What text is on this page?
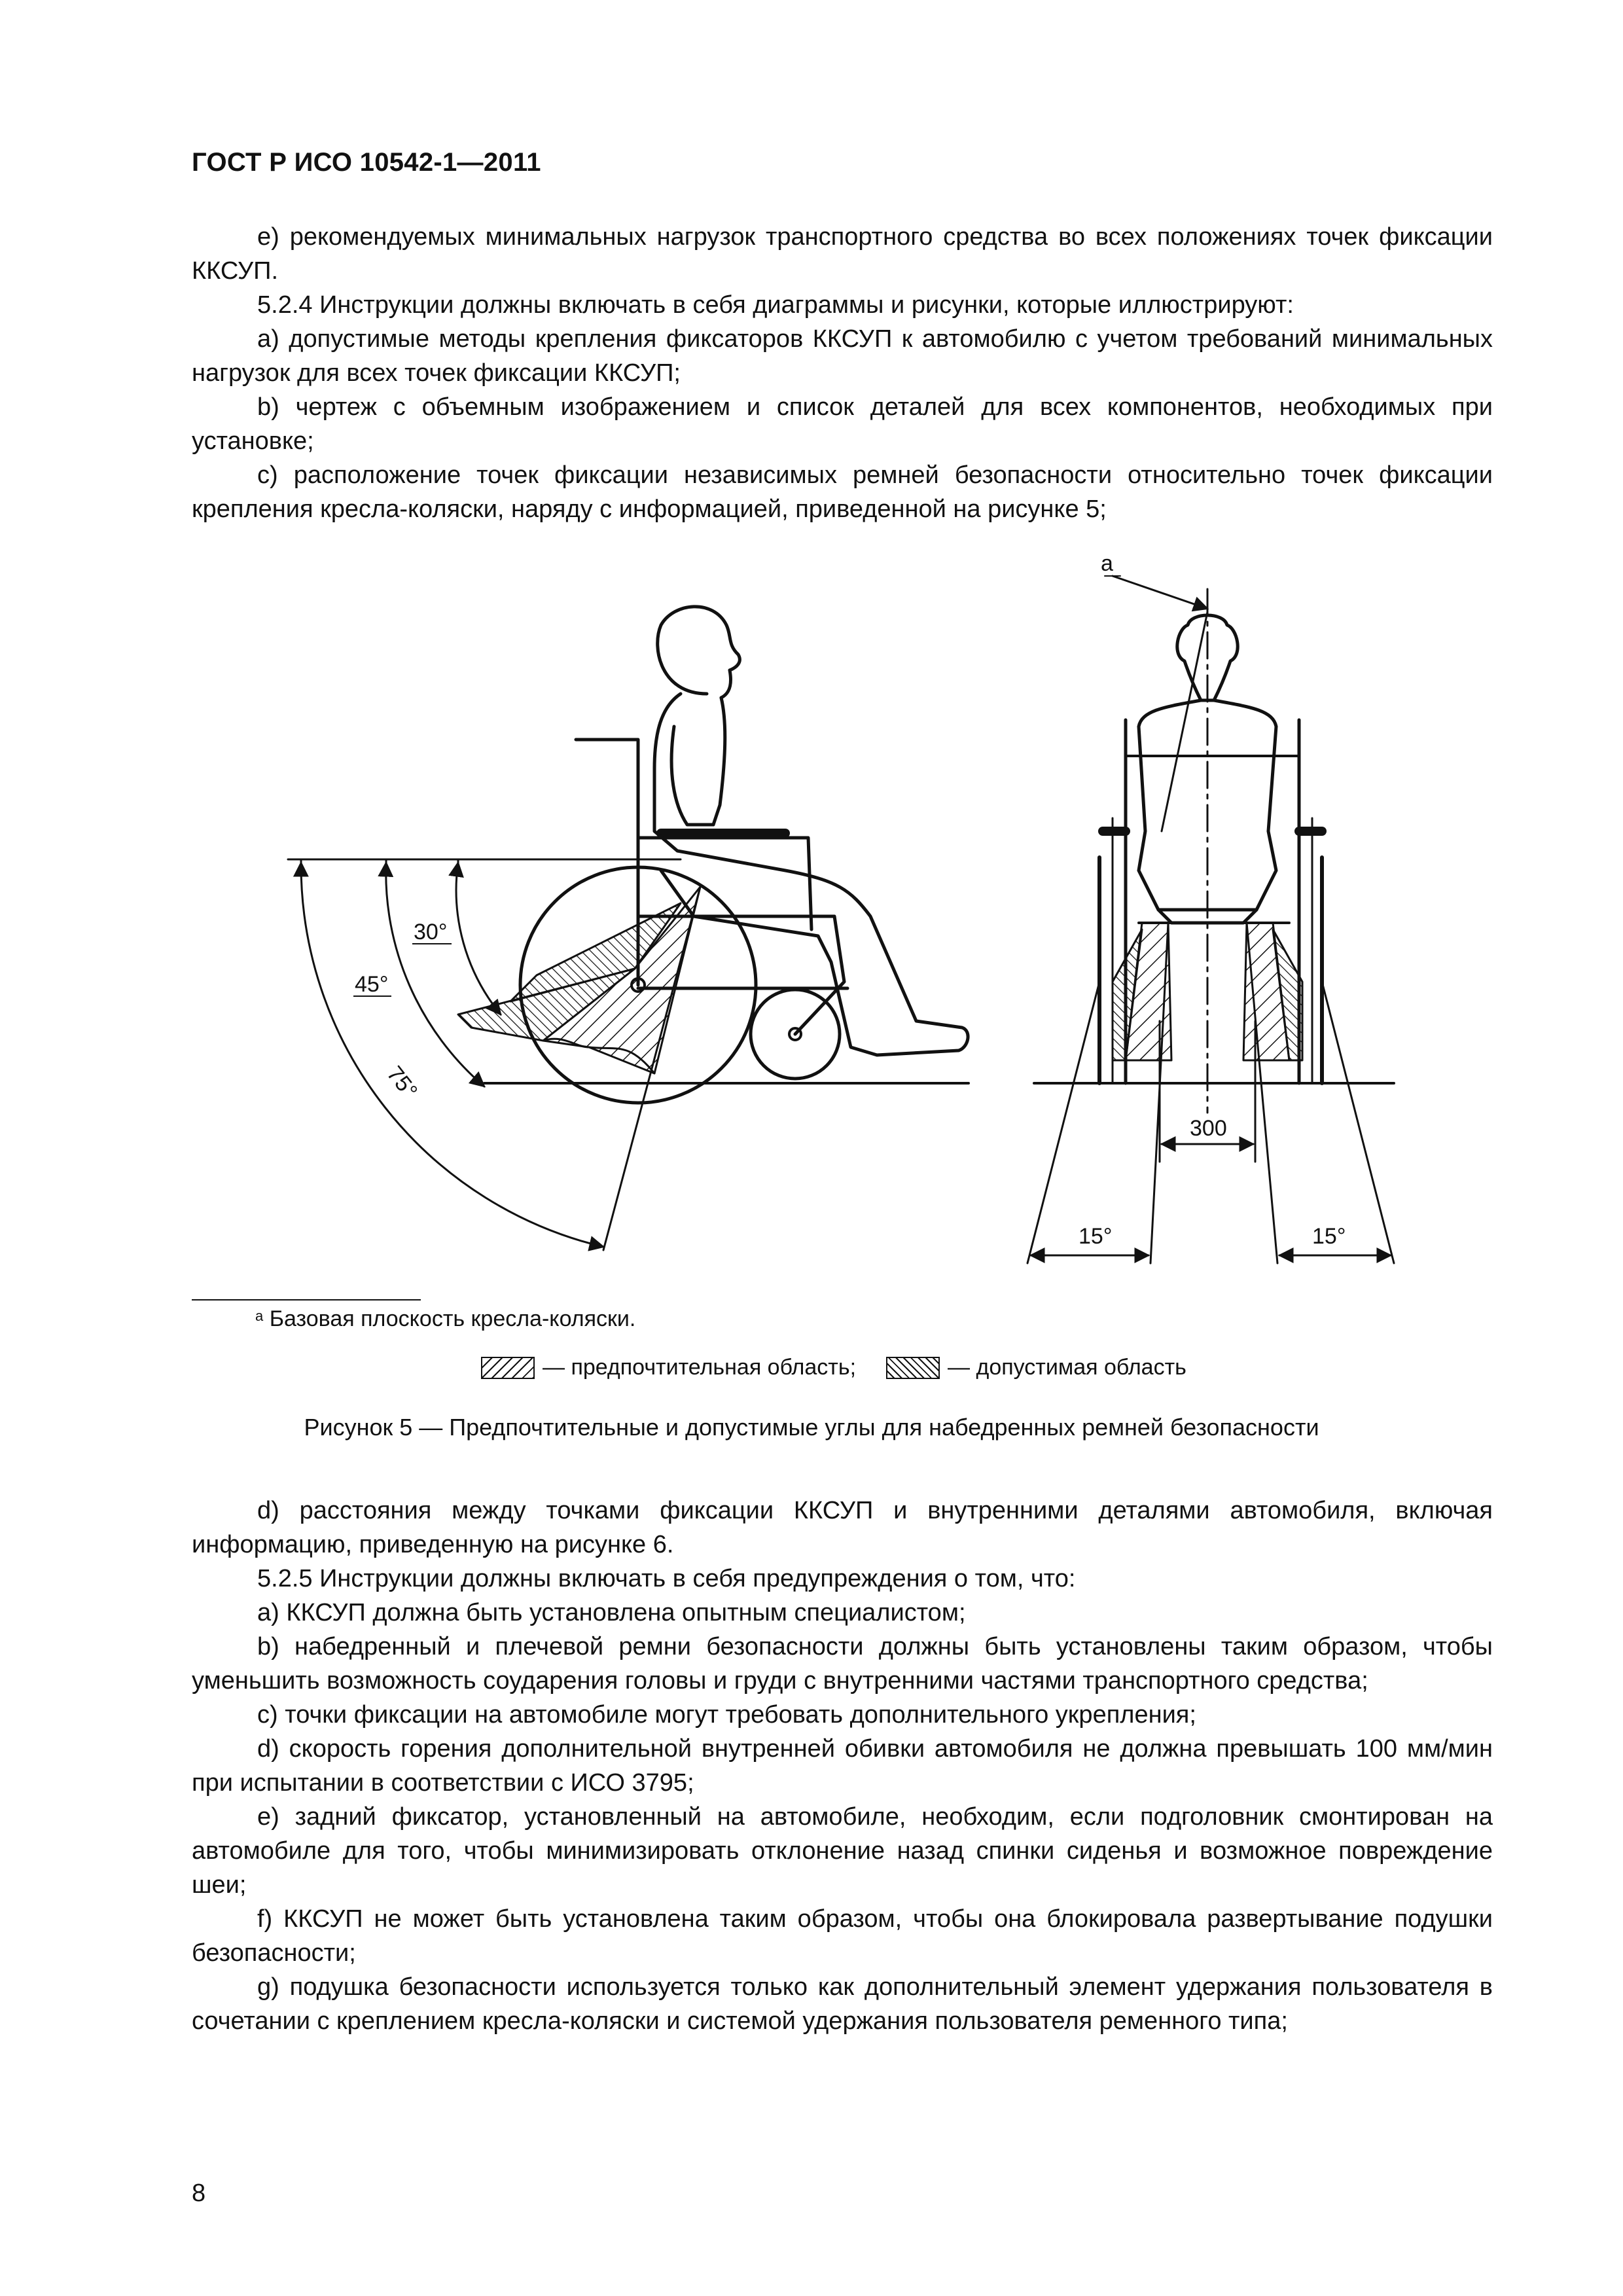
ГОСТ Р ИСО 10542-1—2011

е) рекомендуемых минимальных нагрузок транспортного средства во всех положениях точек фиксации ККСУП.

5.2.4 Инструкции должны включать в себя диаграммы и рисунки, которые иллюстрируют:

а) допустимые методы крепления фиксаторов ККСУП к автомобилю с учетом требований минимальных нагрузок для всех точек фиксации ККСУП;

b) чертеж с объемным изображением и список деталей для всех компонентов, необходимых при установке;

с) расположение точек фиксации независимых ремней безопасности относительно точек фиксации крепления кресла-коляски, наряду с информацией, приведенной на рисунке 5;

30°
45°
75°
a
300
15°	15°
$^а$ Базовая плоскость кресла-коляски.
— предпочтительная область;	— допустимая область
Рисунок 5 — Предпочтительные и допустимые углы для набедренных ремней безопасности

d) расстояния между точками фиксации ККСУП и внутренними деталями автомобиля, включая информацию, приведенную на рисунке 6.

5.2.5 Инструкции должны включать в себя предупреждения о том, что:

а) ККСУП должна быть установлена опытным специалистом;

b) набедренный и плечевой ремни безопасности должны быть установлены таким образом, чтобы уменьшить возможность соударения головы и груди с внутренними частями транспортного средства;

с) точки фиксации на автомобиле могут требовать дополнительного укрепления;

d) скорость горения дополнительной внутренней обивки автомобиля не должна превышать 100 мм/мин при испытании в соответствии с ИСО 3795;

е) задний фиксатор, установленный на автомобиле, необходим, если подголовник смонтирован на автомобиле для того, чтобы минимизировать отклонение назад спинки сиденья и возможное повреждение шеи;

f) ККСУП не может быть установлена таким образом, чтобы она блокировала развертывание подушки безопасности;

g) подушка безопасности используется только как дополнительный элемент удержания пользователя в сочетании с креплением кресла-коляски и системой удержания пользователя ременного типа;

8
